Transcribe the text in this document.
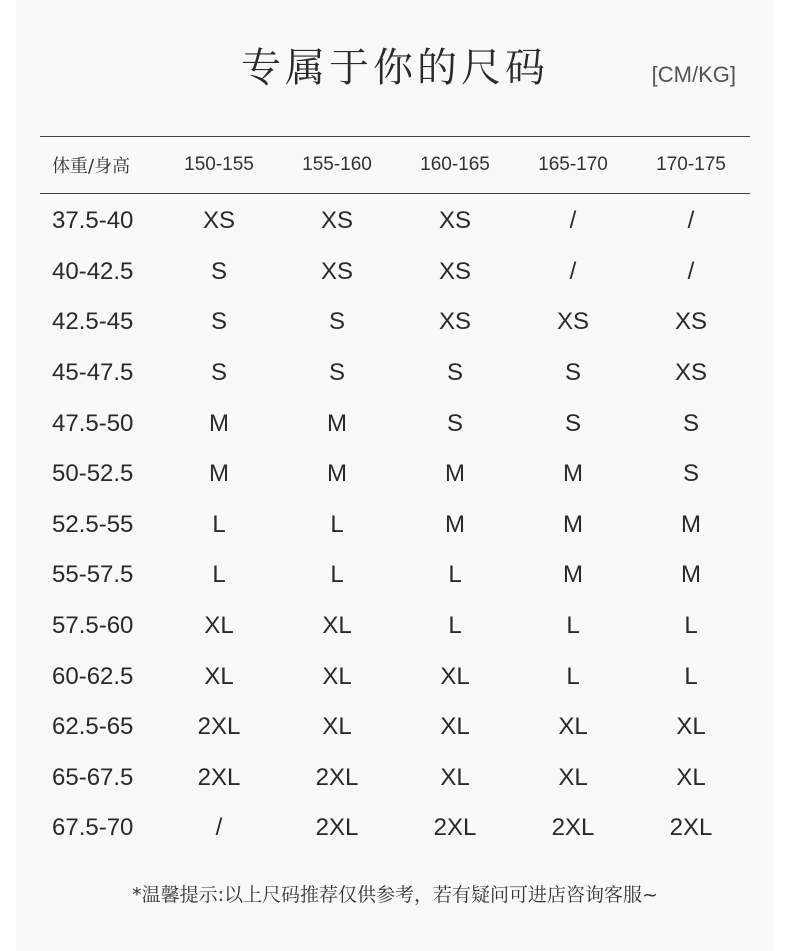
专属于你的尺码	[CM/KG]
体重/身高	150-155	155-160	160-165	165-170	170-175
37.5-40	XS	XS	XS	/	/
40-42.5	S	XS	XS	/	/
42.5-45	S	S	XS	XS	XS
45-47.5	S	S	S	S	XS
47.5-50	M	M	S	S	S
50-52.5	M	M	M	M	S
52.5-55	L	L	M	M	M
55-57.5	L	L	L	M	M
57.5-60	XL	XL	L	L	L
60-62.5	XL	XL	XL	L	L
62.5-65	2XL	XL	XL	XL	XL
65-67.5	2XL	2XL	XL	XL	XL
67.5-70	/	2XL	2XL	2XL	2XL
*温馨提示:以上尺码推荐仅供参考，若有疑问可进店咨询客服~
